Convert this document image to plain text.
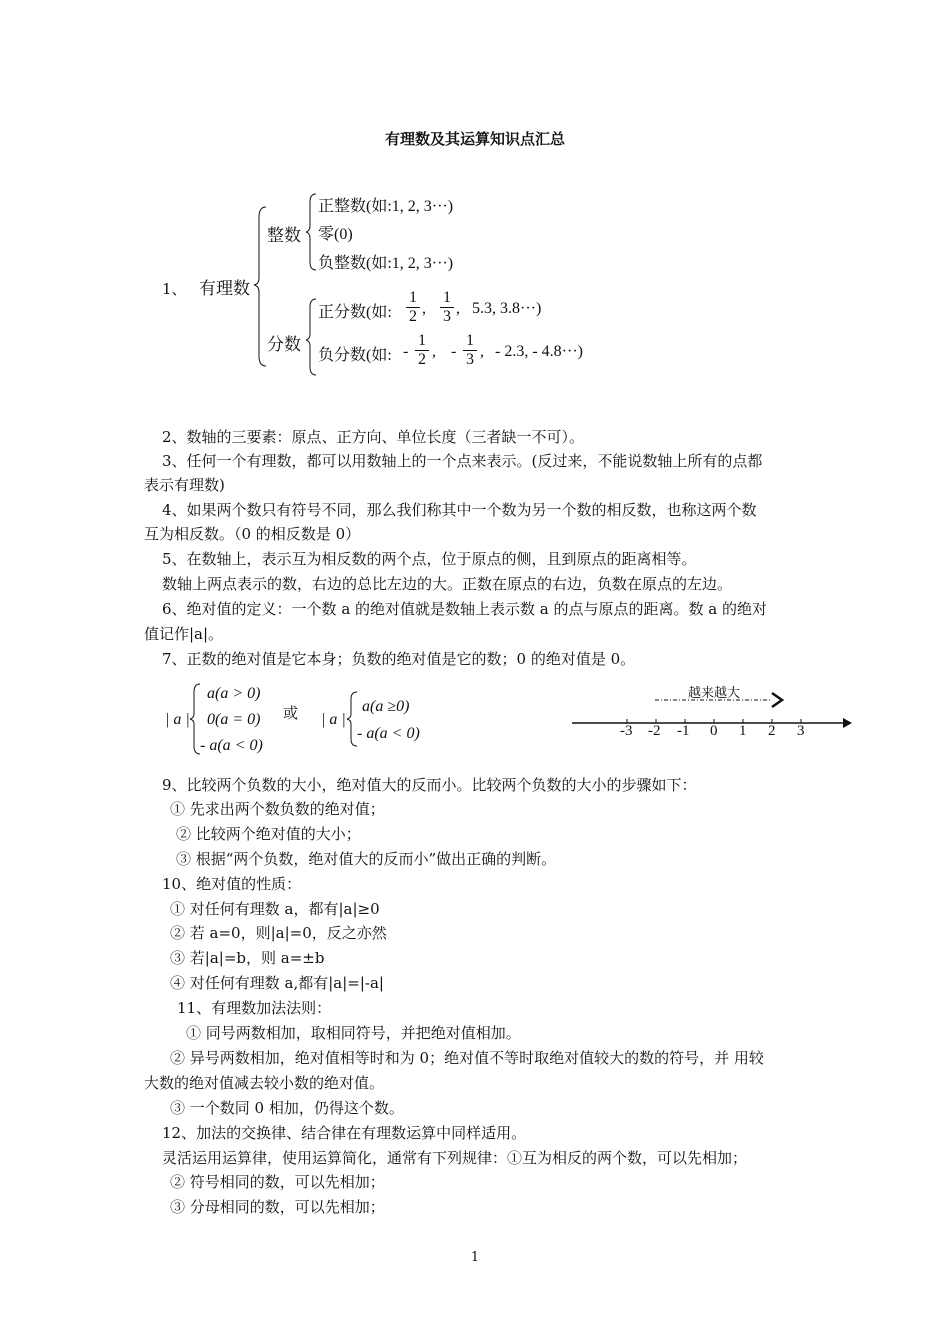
有理数及其运算知识点汇总
1、 有理数
整数
正整数(如:1, 2, 3···)
零(0)
负整数(如:1, 2, 3···)
分数
正分数(如: $\frac{1}{2}$ , $\frac{1}{3}$ , 5.3, 3.8···)
负分数(如: - $\frac{1}{2}$ , - $\frac{1}{3}$ , - 2.3, - 4.8···)
2、数轴的三要素：原点、正方向、单位长度（三者缺一不可）。
3、任何一个有理数，都可以用数轴上的一个点来表示。(反过来，不能说数轴上所有的点都
表示有理数)
4、如果两个数只有符号不同，那么我们称其中一个数为另一个数的相反数，也称这两个数
互为相反数。（0 的相反数是 0）
5、在数轴上，表示互为相反数的两个点，位于原点的侧，且到原点的距离相等。
数轴上两点表示的数，右边的总比左边的大。正数在原点的右边，负数在原点的左边。
6、绝对值的定义：一个数 a 的绝对值就是数轴上表示数 a 的点与原点的距离。数 a 的绝对
值记作|a|。
7、正数的绝对值是它本身；负数的绝对值是它的数；0 的绝对值是 0。
| a |
a(a > 0)
0(a = 0)
- a(a < 0)
或 | a |
a(a ≥0)
- a(a < 0)
越来越大
-3 -2 -1 0 1 2 3
9、比较两个负数的大小，绝对值大的反而小。比较两个负数的大小的步骤如下：
① 先求出两个数负数的绝对值；
② 比较两个绝对值的大小；
③ 根据“两个负数，绝对值大的反而小”做出正确的判断。
10、绝对值的性质：
① 对任何有理数 a，都有|a|≥0
② 若 a=0，则|a|=0，反之亦然
③ 若|a|=b，则 a=±b
④ 对任何有理数 a,都有|a|=|-a|
11、有理数加法法则：
① 同号两数相加，取相同符号，并把绝对值相加。
② 异号两数相加，绝对值相等时和为 0；绝对值不等时取绝对值较大的数的符号，并 用较
大数的绝对值减去较小数的绝对值。
③ 一个数同 0 相加，仍得这个数。
12、加法的交换律、结合律在有理数运算中同样适用。
灵活运用运算律，使用运算简化，通常有下列规律：①互为相反的两个数，可以先相加；
② 符号相同的数，可以先相加；
③ 分母相同的数，可以先相加；
1
